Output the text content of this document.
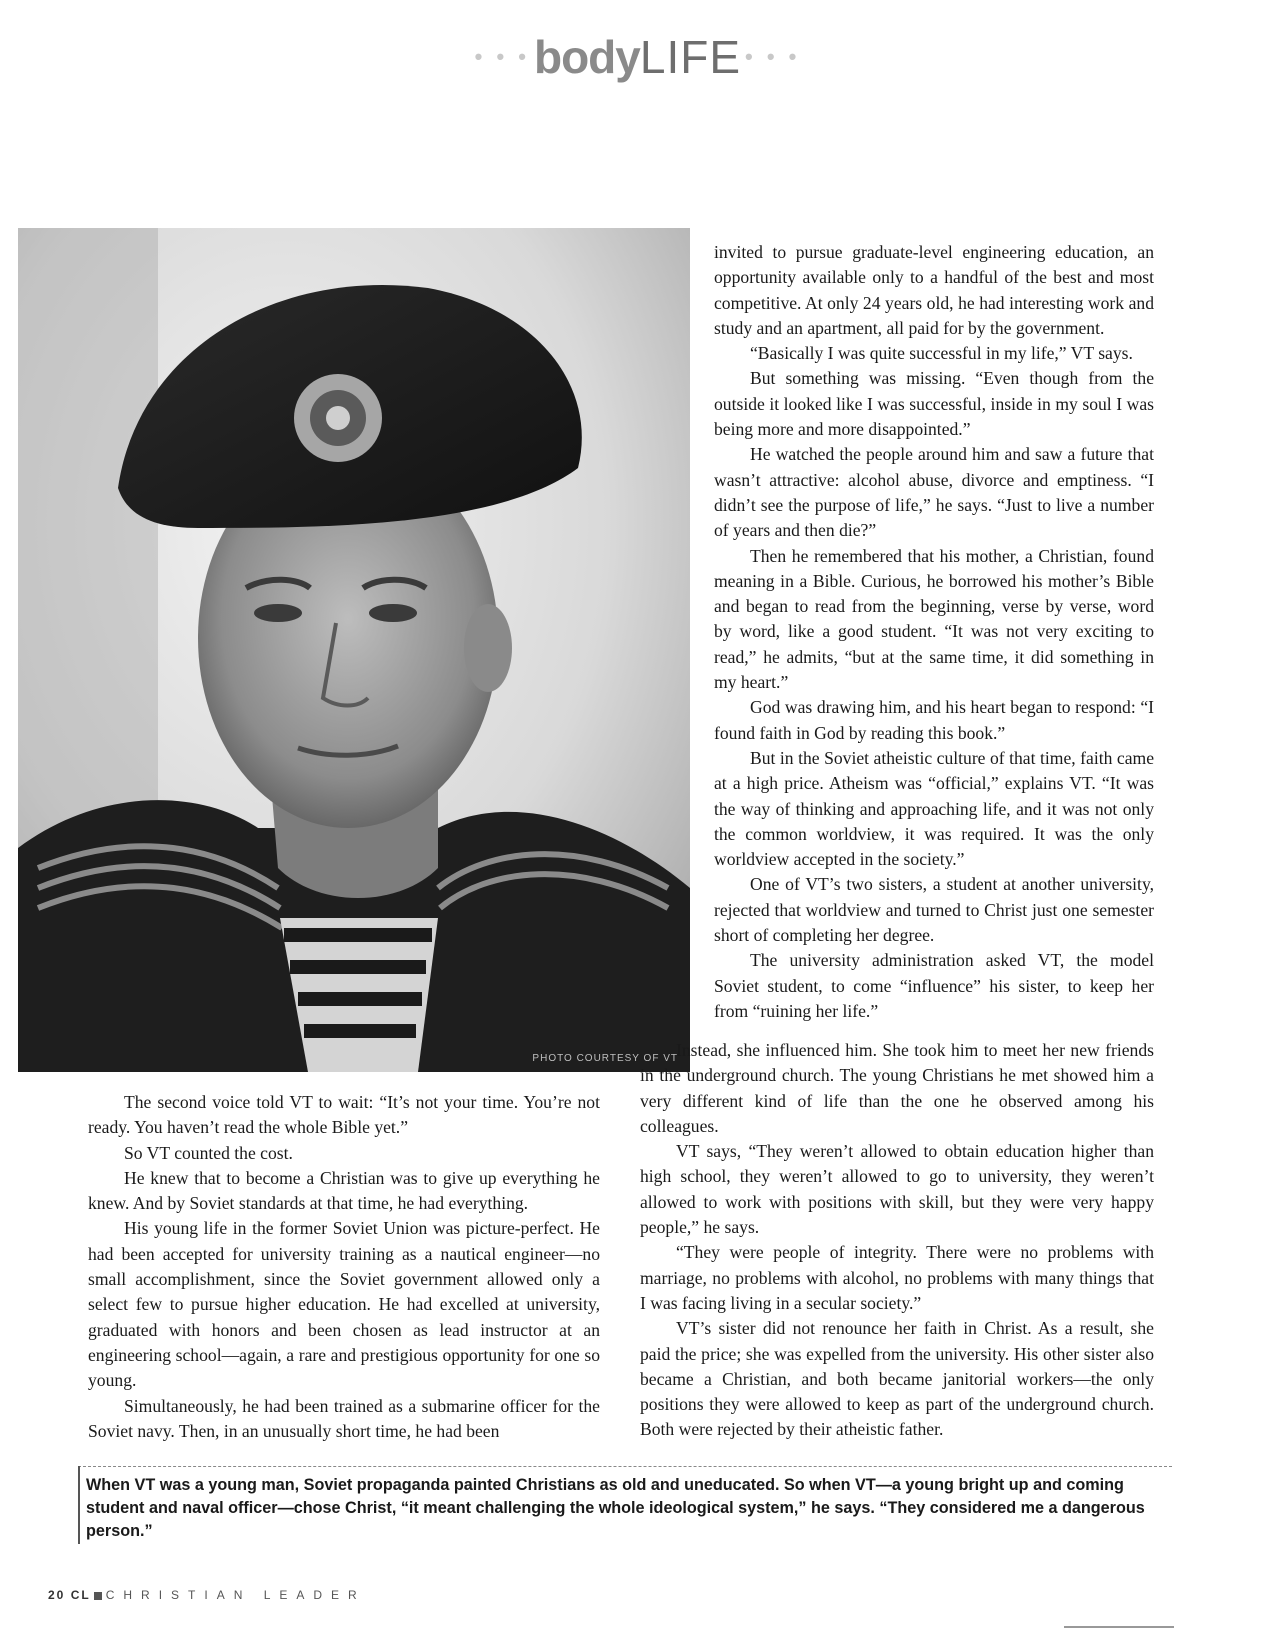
• • • bodyLIFE • • •
PHOTO COURTESY OF VT

invited to pursue graduate-level engineering education, an opportunity available only to a handful of the best and most competitive. At only 24 years old, he had interesting work and study and an apartment, all paid for by the government.

“Basically I was quite successful in my life,” VT says.

But something was missing. “Even though from the outside it looked like I was successful, inside in my soul I was being more and more disappointed.”

He watched the people around him and saw a future that wasn’t attractive: alcohol abuse, divorce and emptiness. “I didn’t see the purpose of life,” he says. “Just to live a number of years and then die?”

Then he remembered that his mother, a Christian, found meaning in a Bible. Curious, he borrowed his mother’s Bible and began to read from the beginning, verse by verse, word by word, like a good student. “It was not very exciting to read,” he admits, “but at the same time, it did something in my heart.”

God was drawing him, and his heart began to respond: “I found faith in God by reading this book.”

But in the Soviet atheistic culture of that time, faith came at a high price. Atheism was “official,” explains VT. “It was the way of thinking and approaching life, and it was not only the common worldview, it was required. It was the only worldview accepted in the society.”

One of VT’s two sisters, a student at another university, rejected that worldview and turned to Christ just one semester short of completing her degree.

The university administration asked VT, the model Soviet student, to come “influence” his sister, to keep her from “ruining her life.”

Instead, she influenced him. She took him to meet her new friends in the underground church. The young Christians he met showed him a very different kind of life than the one he observed among his colleagues.

VT says, “They weren’t allowed to obtain education higher than high school, they weren’t allowed to go to university, they weren’t allowed to work with positions with skill, but they were very happy people,” he says.

“They were people of integrity. There were no problems with marriage, no problems with alcohol, no problems with many things that I was facing living in a secular society.”

VT’s sister did not renounce her faith in Christ. As a result, she paid the price; she was expelled from the university. His other sister also became a Christian, and both became janitorial workers—the only positions they were allowed to keep as part of the underground church. Both were rejected by their atheistic father.

The second voice told VT to wait: “It’s not your time. You’re not ready. You haven’t read the whole Bible yet.”

So VT counted the cost.

He knew that to become a Christian was to give up everything he knew. And by Soviet standards at that time, he had everything.

His young life in the former Soviet Union was picture-perfect. He had been accepted for university training as a nautical engineer—no small accomplishment, since the Soviet government allowed only a select few to pursue higher education. He had excelled at university, graduated with honors and been chosen as lead instructor at an engineering school—again, a rare and prestigious opportunity for one so young.

Simultaneously, he had been trained as a submarine officer for the Soviet navy. Then, in an unusually short time, he had been

When VT was a young man, Soviet propaganda painted Christians as old and uneducated. So when VT—a young bright up and coming student and naval officer—chose Christ, “it meant challenging the whole ideological system,” he says. “They considered me a dangerous person.”
20 CL CHRISTIAN LEADER
